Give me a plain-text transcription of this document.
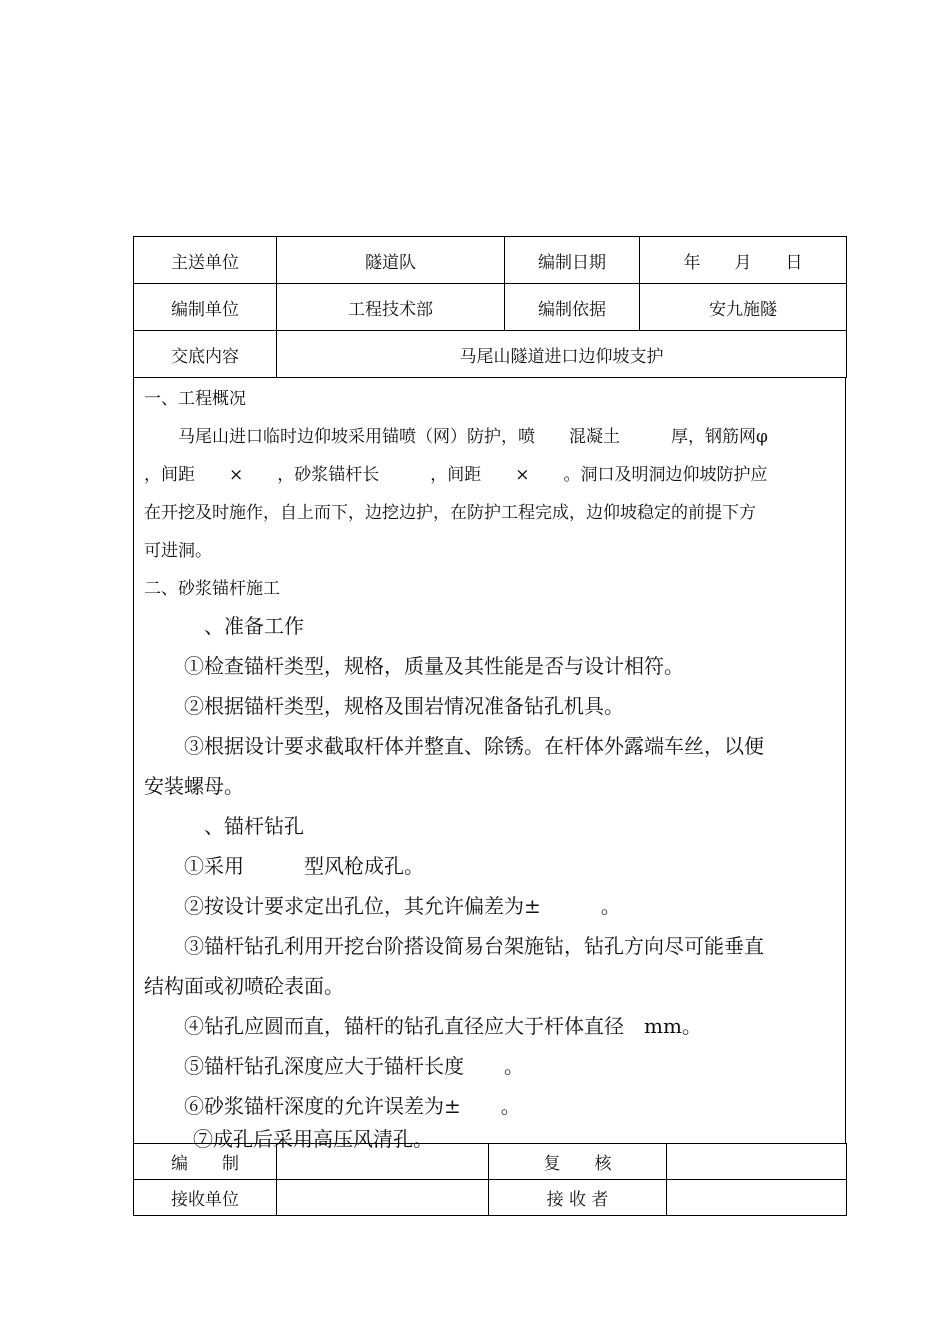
主送单位	隧道队	编制日期	年　　月　　日
编制单位	工程技术部	编制依据	安九施隧
交底内容	马尾山隧道进口边仰坡支护		
一、工程概况
　　马尾山进口临时边仰坡采用锚喷（网）防护，喷　　混凝土　　　厚，钢筋网φ
，间距　　×　　，砂浆锚杆长　　　，间距　　×　　。洞口及明洞边仰坡防护应
在开挖及时施作，自上而下，边挖边护，在防护工程完成，边仰坡稳定的前提下方
可进洞。
二、砂浆锚杆施工
　　　、准备工作
　　①检查锚杆类型，规格，质量及其性能是否与设计相符。
　　②根据锚杆类型，规格及围岩情况准备钻孔机具。
　　③根据设计要求截取杆体并整直、除锈。在杆体外露端车丝，以便
安装螺母。
　　　、锚杆钻孔
　　①采用　　　型风枪成孔。
　　②按设计要求定出孔位，其允许偏差为±　　　。
　　③锚杆钻孔利用开挖台阶搭设简易台架施钻，钻孔方向尽可能垂直
结构面或初喷砼表面。
　　④钻孔应圆而直，锚杆的钻孔直径应大于杆体直径　mm。
　　⑤锚杆钻孔深度应大于锚杆长度　　。
　　⑥砂浆锚杆深度的允许误差为±　　。
编　　制		复　　核	
接收单位		接 收 者	
　　⑦成孔后采用高压风清孔。
